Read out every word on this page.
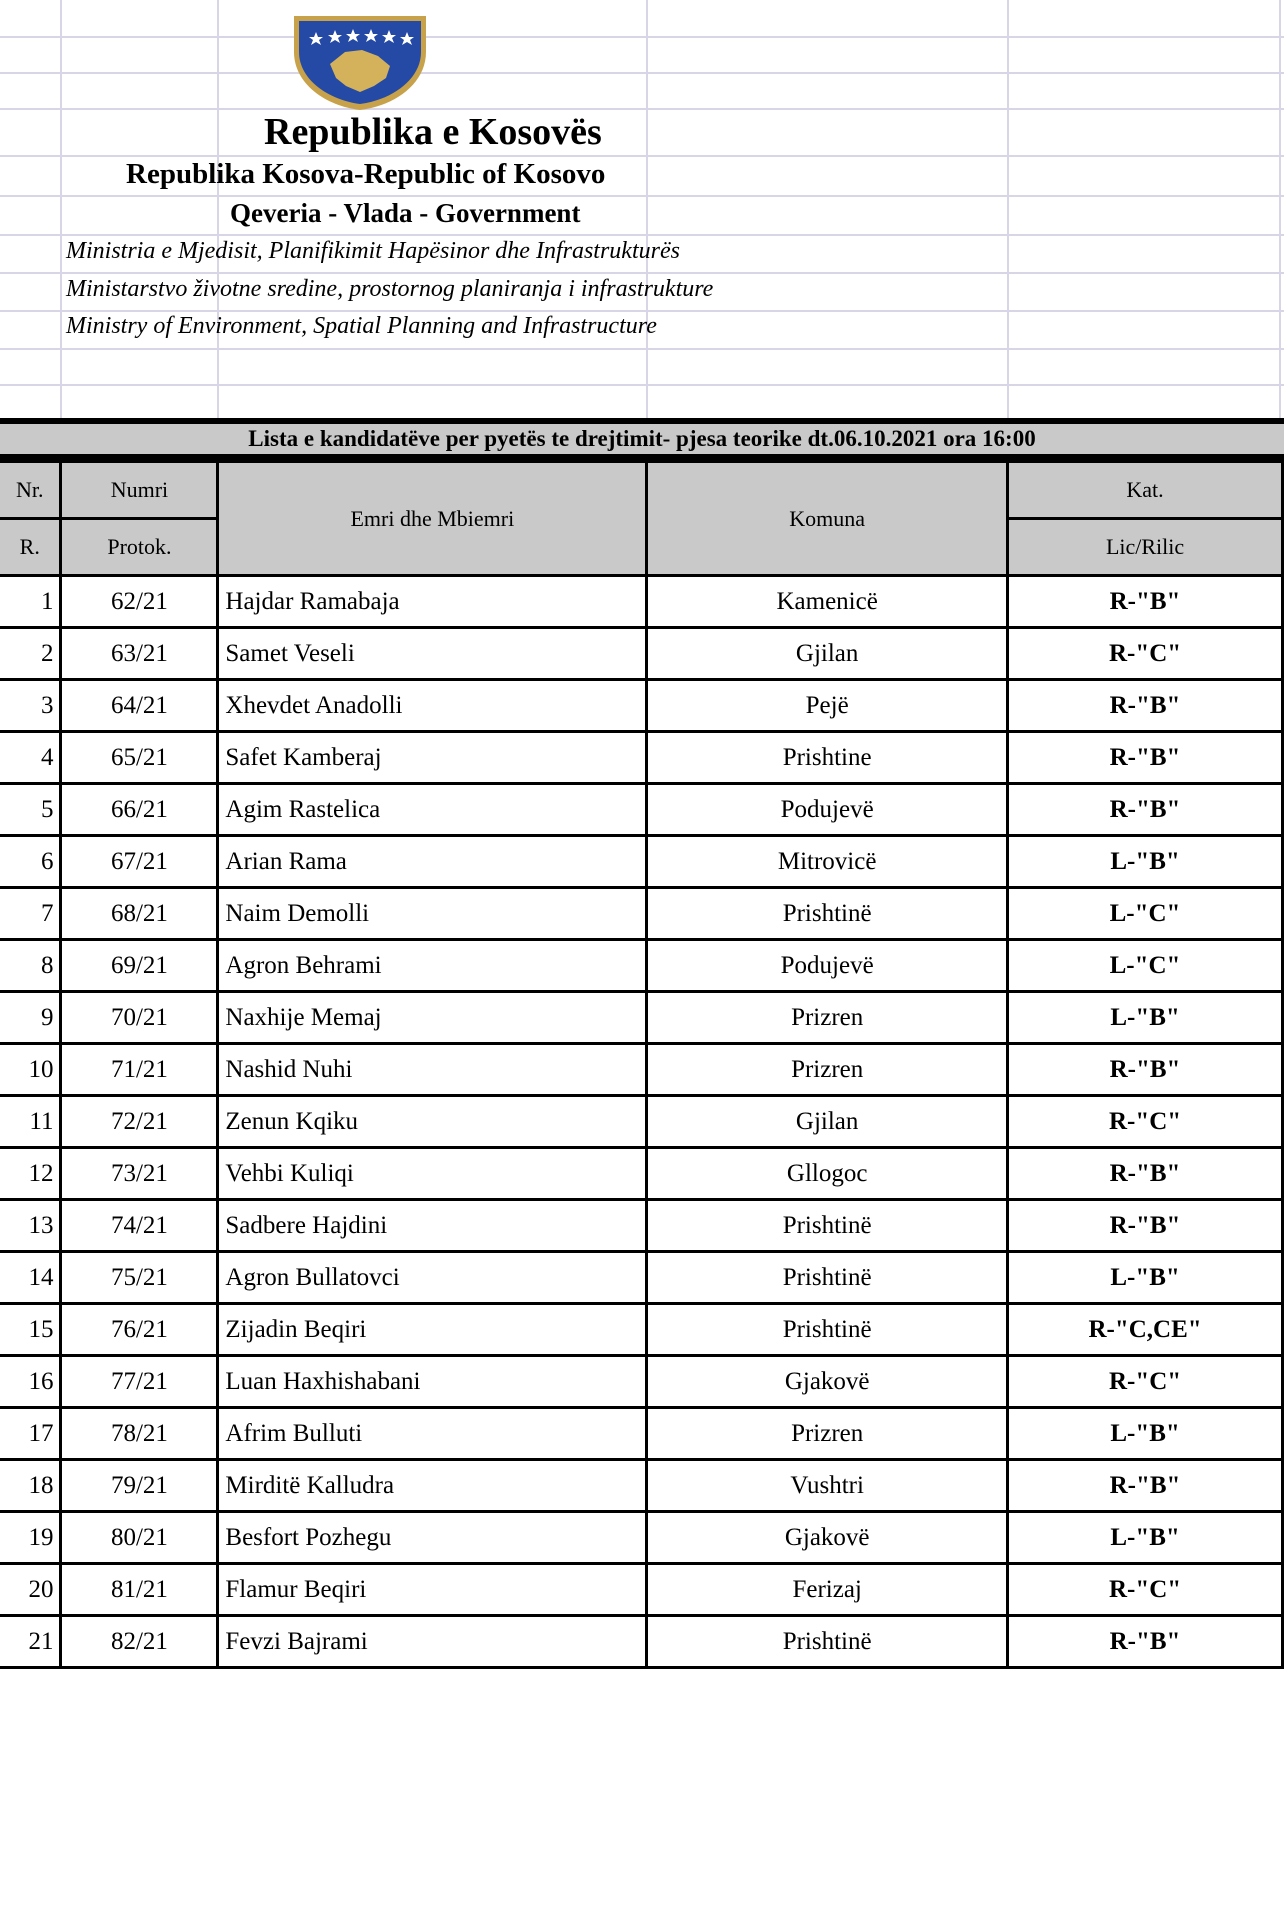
Republika e Kosovës
Republika Kosova-Republic of Kosovo
Qeveria - Vlada - Government
Ministria e Mjedisit, Planifikimit Hapësinor dhe Infrastrukturës
Ministarstvo životne sredine, prostornog planiranja i infrastrukture
Ministry of Environment, Spatial Planning and Infrastructure
Lista e kandidatëve per pyetës te drejtimit- pjesa teorike dt.06.10.2021 ora 16:00
Nr.	Numri	Emri dhe Mbiemri	Komuna	Kat.
R.	Protok.			Lic/Rilic
1	62/21	Hajdar Ramabaja	Kamenicë	R-"B"
2	63/21	Samet Veseli	Gjilan	R-"C"
3	64/21	Xhevdet Anadolli	Pejë	R-"B"
4	65/21	Safet Kamberaj	Prishtine	R-"B"
5	66/21	Agim Rastelica	Podujevë	R-"B"
6	67/21	Arian Rama	Mitrovicë	L-"B"
7	68/21	Naim Demolli	Prishtinë	L-"C"
8	69/21	Agron Behrami	Podujevë	L-"C"
9	70/21	Naxhije Memaj	Prizren	L-"B"
10	71/21	Nashid Nuhi	Prizren	R-"B"
11	72/21	Zenun Kqiku	Gjilan	R-"C"
12	73/21	Vehbi Kuliqi	Gllogoc	R-"B"
13	74/21	Sadbere Hajdini	Prishtinë	R-"B"
14	75/21	Agron Bullatovci	Prishtinë	L-"B"
15	76/21	Zijadin Beqiri	Prishtinë	R-"C,CE"
16	77/21	Luan Haxhishabani	Gjakovë	R-"C"
17	78/21	Afrim Bulluti	Prizren	L-"B"
18	79/21	Mirditë Kalludra	Vushtri	R-"B"
19	80/21	Besfort Pozhegu	Gjakovë	L-"B"
20	81/21	Flamur Beqiri	Ferizaj	R-"C"
21	82/21	Fevzi Bajrami	Prishtinë	R-"B"
